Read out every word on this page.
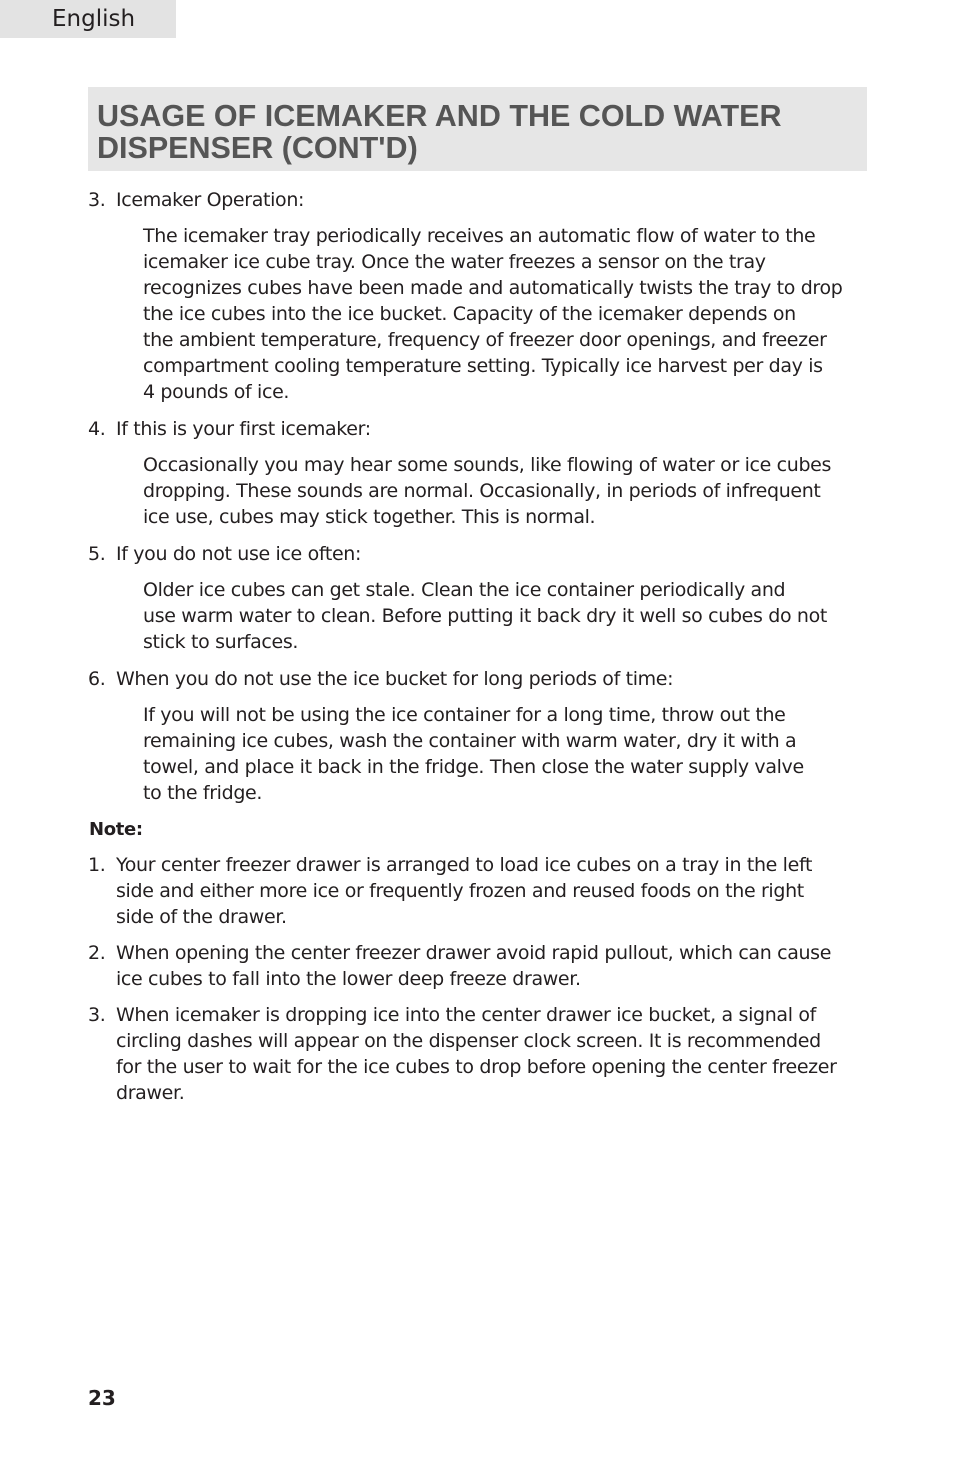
English
USAGE OF ICEMAKER AND THE COLD WATER
DISPENSER (CONT'D)
3. Icemaker Operation:
The icemaker tray periodically receives an automatic flow of water to the
icemaker ice cube tray. Once the water freezes a sensor on the tray
recognizes cubes have been made and automatically twists the tray to drop
the ice cubes into the ice bucket. Capacity of the icemaker depends on
the ambient temperature, frequency of freezer door openings, and freezer
compartment cooling temperature setting. Typically ice harvest per day is
4 pounds of ice.
4. If this is your first icemaker:
Occasionally you may hear some sounds, like flowing of water or ice cubes
dropping. These sounds are normal. Occasionally, in periods of infrequent
ice use, cubes may stick together. This is normal.
5. If you do not use ice often:
Older ice cubes can get stale. Clean the ice container periodically and
use warm water to clean. Before putting it back dry it well so cubes do not
stick to surfaces.
6. When you do not use the ice bucket for long periods of time:
If you will not be using the ice container for a long time, throw out the
remaining ice cubes, wash the container with warm water, dry it with a
towel, and place it back in the fridge. Then close the water supply valve
to the fridge.
Note:
1. Your center freezer drawer is arranged to load ice cubes on a tray in the left
side and either more ice or frequently frozen and reused foods on the right
side of the drawer.
2. When opening the center freezer drawer avoid rapid pullout, which can cause
ice cubes to fall into the lower deep freeze drawer.
3. When icemaker is dropping ice into the center drawer ice bucket, a signal of
circling dashes will appear on the dispenser clock screen. It is recommended
for the user to wait for the ice cubes to drop before opening the center freezer
drawer.
23
